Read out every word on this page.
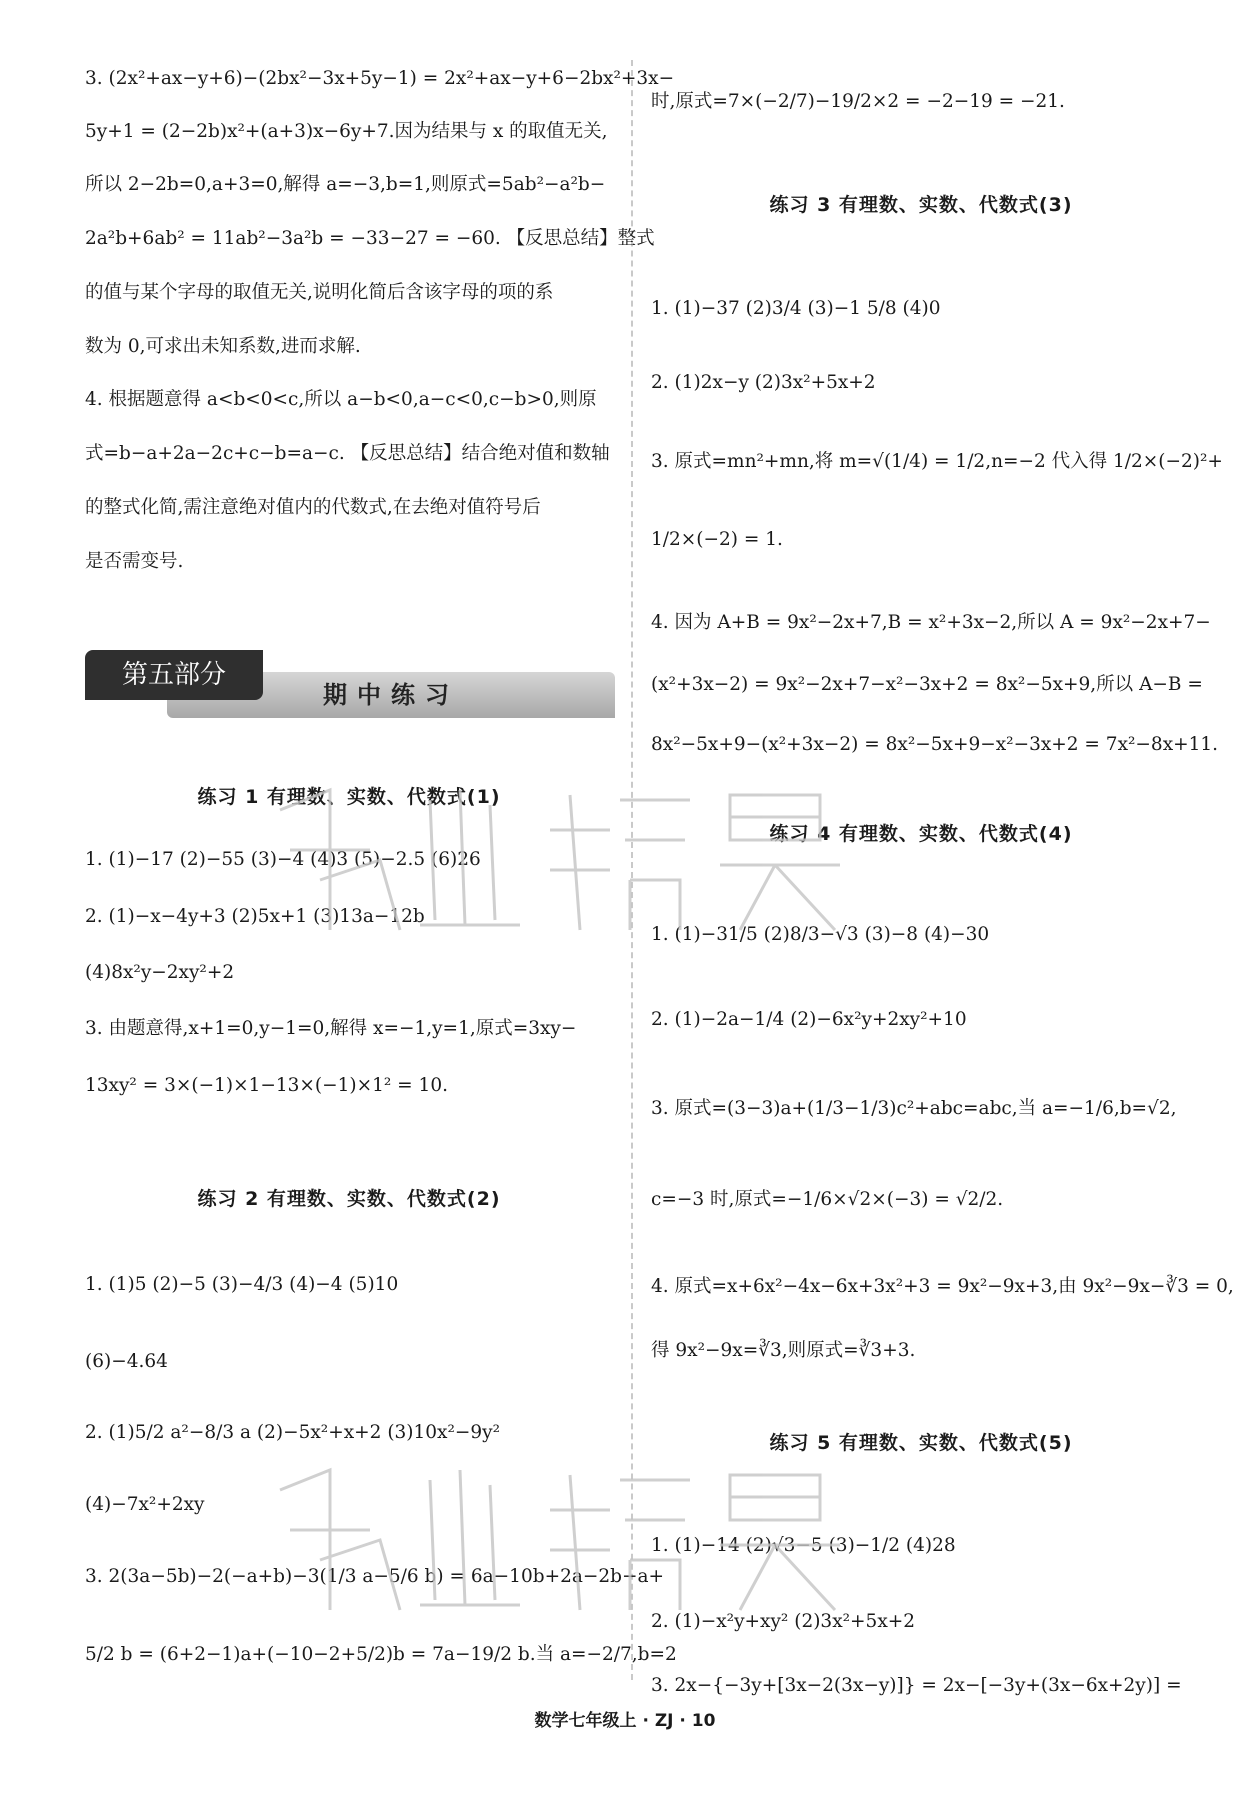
3. (2x²+ax−y+6)−(2bx²−3x+5y−1) = 2x²+ax−y+6−2bx²+3x−
5y+1 = (2−2b)x²+(a+3)x−6y+7.因为结果与 x 的取值无关,
所以 2−2b=0,a+3=0,解得 a=−3,b=1,则原式=5ab²−a²b−
2a²b+6ab² = 11ab²−3a²b = −33−27 = −60. 【反思总结】整式
的值与某个字母的取值无关,说明化简后含该字母的项的系
数为 0,可求出未知系数,进而求解.
4. 根据题意得 a<b<0<c,所以 a−b<0,a−c<0,c−b>0,则原
式=b−a+2a−2c+c−b=a−c. 【反思总结】结合绝对值和数轴
的整式化简,需注意绝对值内的代数式,在去绝对值符号后
是否需变号.
练习 1 有理数、实数、代数式(1)
1. (1)−17 (2)−55 (3)−4 (4)3 (5)−2.5 (6)26
2. (1)−x−4y+3 (2)5x+1 (3)13a−12b
(4)8x²y−2xy²+2
3. 由题意得,x+1=0,y−1=0,解得 x=−1,y=1,原式=3xy−
13xy² = 3×(−1)×1−13×(−1)×1² = 10.
练习 2 有理数、实数、代数式(2)
1. (1)5 (2)−5 (3)−4/3 (4)−4 (5)10
(6)−4.64
2. (1)5/2 a²−8/3 a (2)−5x²+x+2 (3)10x²−9y²
(4)−7x²+2xy
3. 2(3a−5b)−2(−a+b)−3(1/3 a−5/6 b) = 6a−10b+2a−2b−a+
5/2 b = (6+2−1)a+(−10−2+5/2)b = 7a−19/2 b.当 a=−2/7,b=2
期中练习
第五部分
时,原式=7×(−2/7)−19/2×2 = −2−19 = −21.
练习 3 有理数、实数、代数式(3)
1. (1)−37 (2)3/4 (3)−1 5/8 (4)0
2. (1)2x−y (2)3x²+5x+2
3. 原式=mn²+mn,将 m=√(1/4) = 1/2,n=−2 代入得 1/2×(−2)²+
1/2×(−2) = 1.
4. 因为 A+B = 9x²−2x+7,B = x²+3x−2,所以 A = 9x²−2x+7−
(x²+3x−2) = 9x²−2x+7−x²−3x+2 = 8x²−5x+9,所以 A−B =
8x²−5x+9−(x²+3x−2) = 8x²−5x+9−x²−3x+2 = 7x²−8x+11.
练习 4 有理数、实数、代数式(4)
1. (1)−31/5 (2)8/3−√3 (3)−8 (4)−30
2. (1)−2a−1/4 (2)−6x²y+2xy²+10
3. 原式=(3−3)a+(1/3−1/3)c²+abc=abc,当 a=−1/6,b=√2,
c=−3 时,原式=−1/6×√2×(−3) = √2/2.
4. 原式=x+6x²−4x−6x+3x²+3 = 9x²−9x+3,由 9x²−9x−∛3 = 0,
得 9x²−9x=∛3,则原式=∛3+3.
练习 5 有理数、实数、代数式(5)
1. (1)−14 (2)√3−5 (3)−1/2 (4)28
2. (1)−x²y+xy² (2)3x²+5x+2
3. 2x−{−3y+[3x−2(3x−y)]} = 2x−[−3y+(3x−6x+2y)] =
数学七年级上 · ZJ · 10
